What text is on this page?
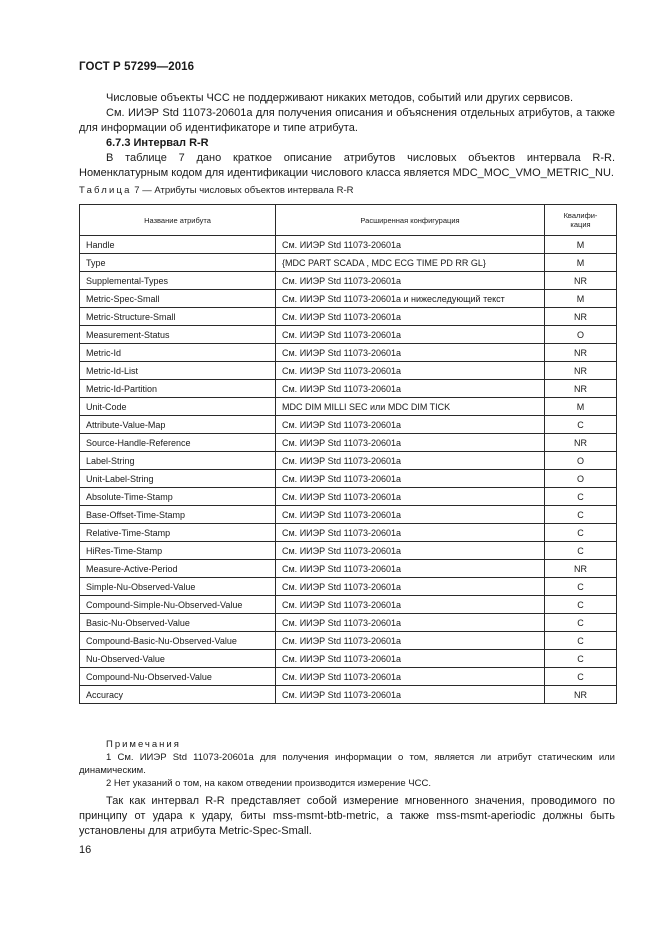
ГОСТ Р 57299—2016

Числовые объекты ЧСС не поддерживают никаких методов, событий или других сервисов.

См. ИИЭР Std 11073-20601a для получения описания и объяснения отдельных атрибутов, а также для информации об идентификаторе и типе атрибута.

6.7.3 Интервал R-R

В таблице 7 дано краткое описание атрибутов числовых объектов интервала R-R. Номенклатурным кодом для идентификации числового класса является MDC_MOC_VMO_METRIC_NU.

Таблица 7 — Атрибуты числовых объектов интервала R-R
Название атрибута	Расширенная конфигурация	Квалифи-
кация
Handle	См. ИИЭР Std 11073-20601a	M
Type	{MDC PART SCADA , MDC ECG TIME PD RR GL}	M
Supplemental-Types	См. ИИЭР Std 11073-20601a	NR
Metric-Spec-Small	См. ИИЭР Std 11073-20601a и нижеследующий текст	M
Metric-Structure-Small	См. ИИЭР Std 11073-20601a	NR
Measurement-Status	См. ИИЭР Std 11073-20601a	O
Metric-Id	См. ИИЭР Std 11073-20601a	NR
Metric-Id-List	См. ИИЭР Std 11073-20601a	NR
Metric-Id-Partition	См. ИИЭР Std 11073-20601a	NR
Unit-Code	MDC DIM MILLI SEC или MDC DIM TICK	M
Attribute-Value-Map	См. ИИЭР Std 11073-20601a	C
Source-Handle-Reference	См. ИИЭР Std 11073-20601a	NR
Label-String	См. ИИЭР Std 11073-20601a	O
Unit-Label-String	См. ИИЭР Std 11073-20601a	O
Absolute-Time-Stamp	См. ИИЭР Std 11073-20601a	C
Base-Offset-Time-Stamp	См. ИИЭР Std 11073-20601a	C
Relative-Time-Stamp	См. ИИЭР Std 11073-20601a	C
HiRes-Time-Stamp	См. ИИЭР Std 11073-20601a	C
Measure-Active-Period	См. ИИЭР Std 11073-20601a	NR
Simple-Nu-Observed-Value	См. ИИЭР Std 11073-20601a	C
Compound-Simple-Nu-Observed-Value	См. ИИЭР Std 11073-20601a	C
Basic-Nu-Observed-Value	См. ИИЭР Std 11073-20601a	C
Compound-Basic-Nu-Observed-Value	См. ИИЭР Std 11073-20601a	C
Nu-Observed-Value	См. ИИЭР Std 11073-20601a	C
Compound-Nu-Observed-Value	См. ИИЭР Std 11073-20601a	C
Accuracy	См. ИИЭР Std 11073-20601a	NR
Примечания

1 См. ИИЭР Std 11073-20601a для получения информации о том, является ли атрибут статическим или динамическим.

2 Нет указаний о том, на каком отведении производится измерение ЧСС.

Так как интервал R-R представляет собой измерение мгновенного значения, проводимого по принципу от удара к удару, биты mss-msmt-btb-metric, а также mss-msmt-aperiodic должны быть установлены для атрибута Metric-Spec-Small.

16
